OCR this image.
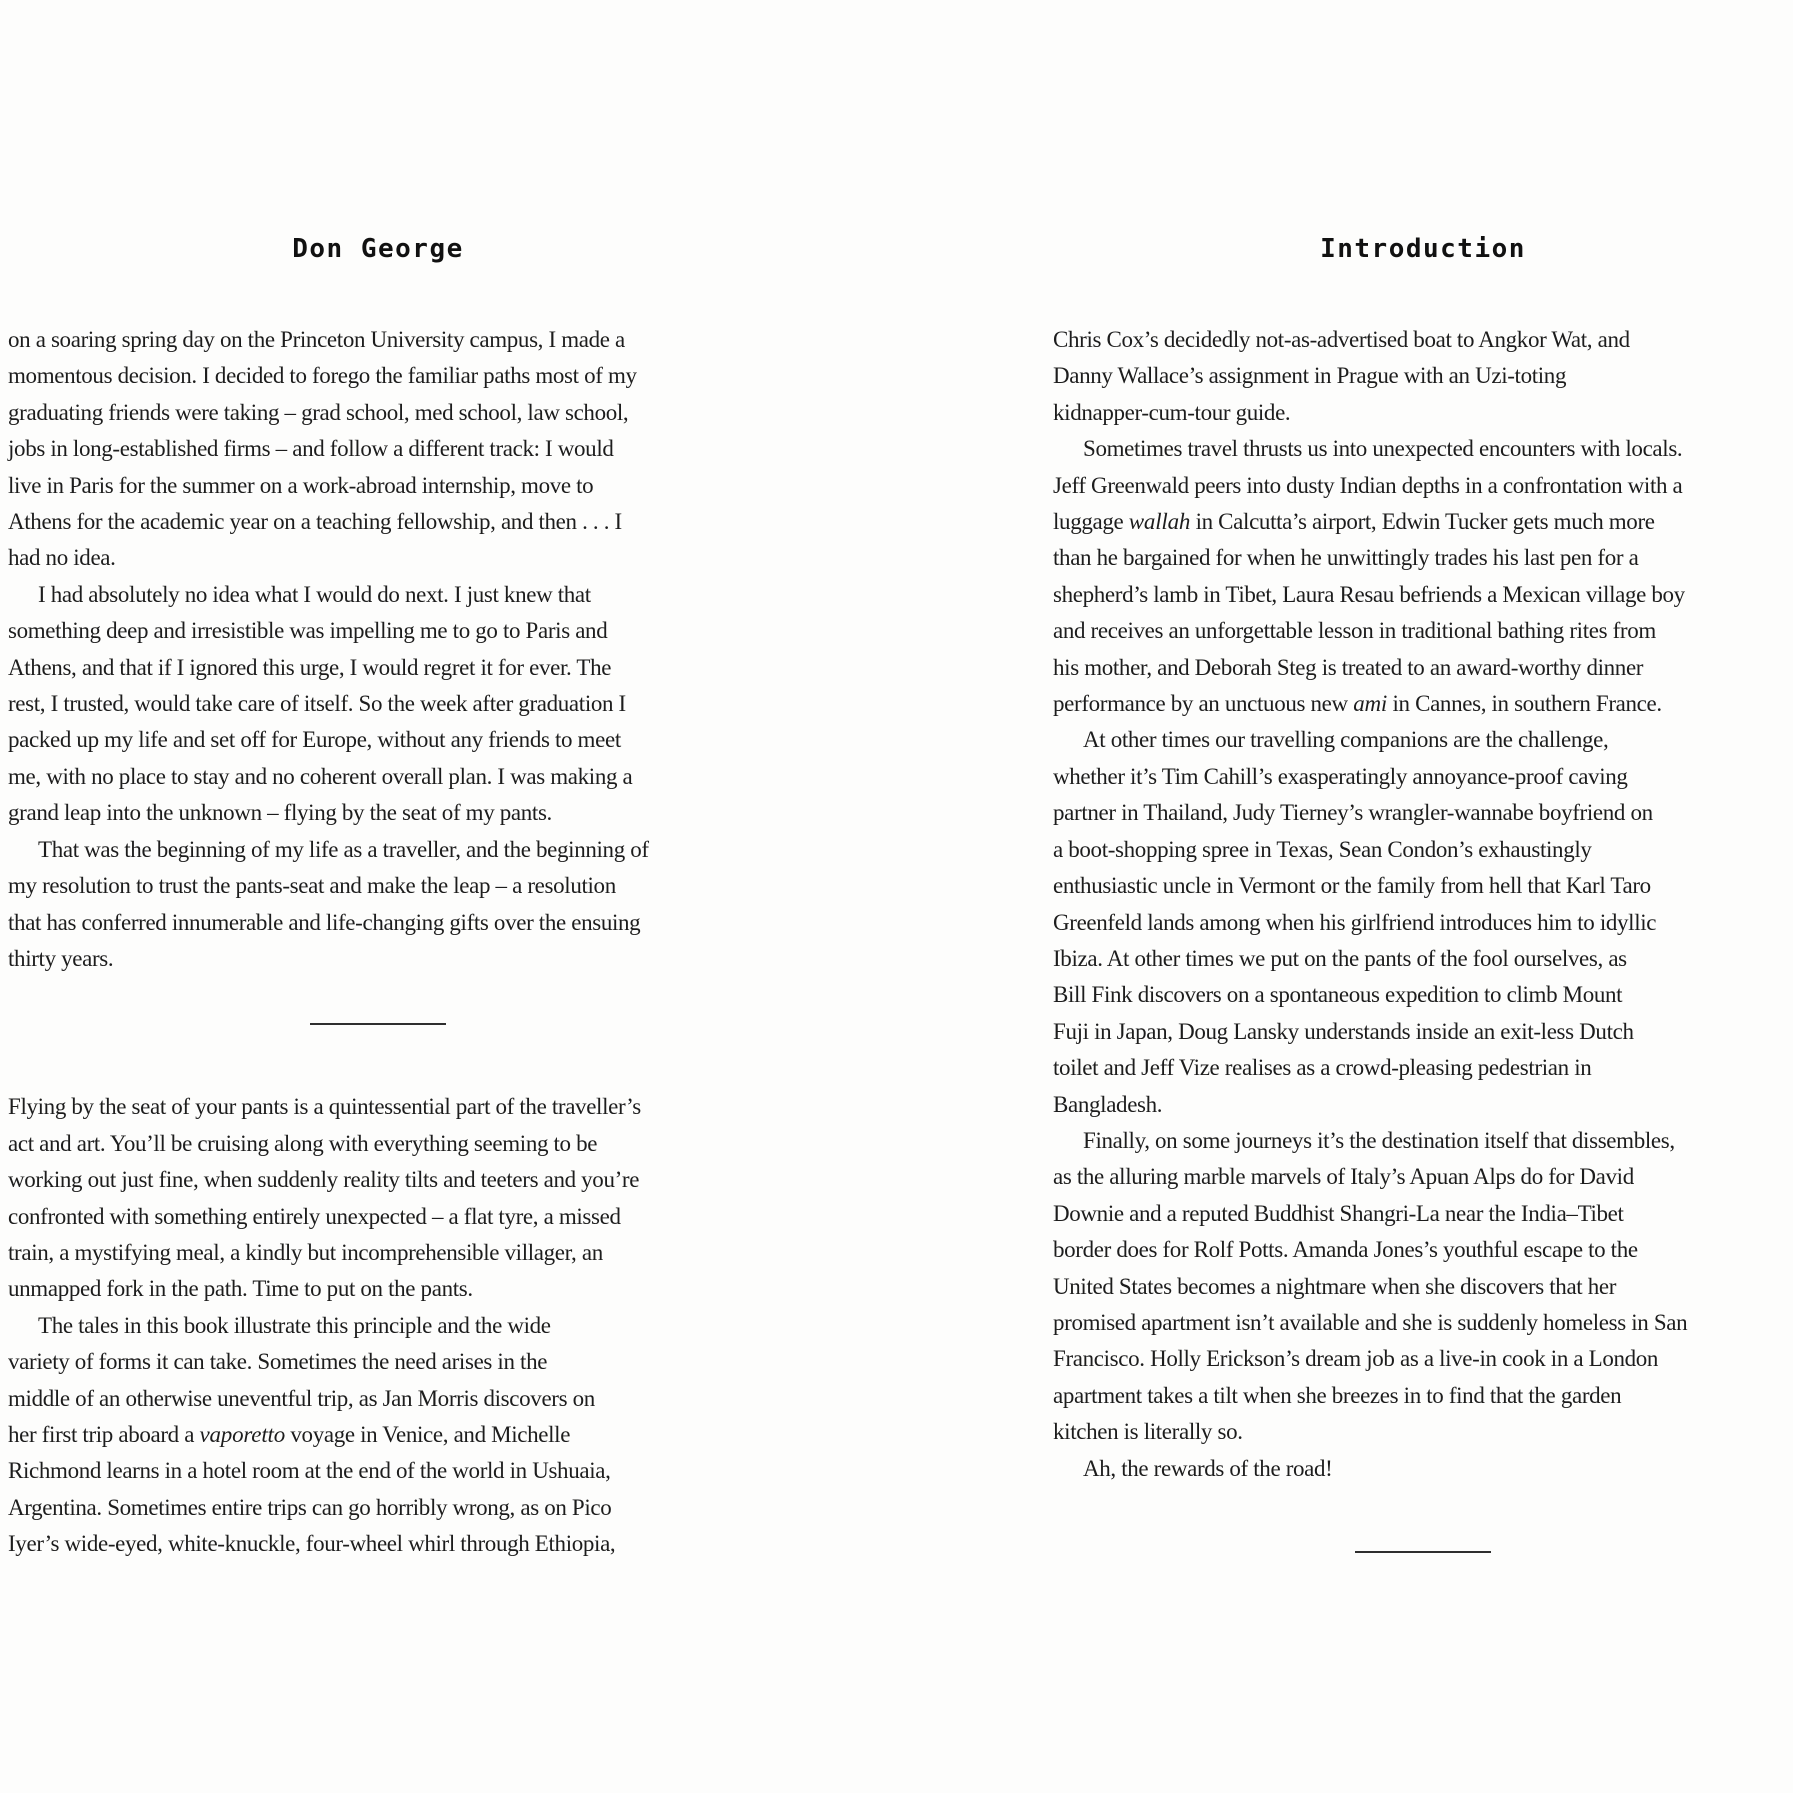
Don George	Introduction

on a soaring spring day on the Princeton University campus, I made a
momentous decision. I decided to forego the familiar paths most of my
graduating friends were taking – grad school, med school, law school,
jobs in long-established firms – and follow a different track: I would
live in Paris for the summer on a work-abroad internship, move to
Athens for the academic year on a teaching fellowship, and then . . . I
had no idea.

I had absolutely no idea what I would do next. I just knew that
something deep and irresistible was impelling me to go to Paris and
Athens, and that if I ignored this urge, I would regret it for ever. The
rest, I trusted, would take care of itself. So the week after graduation I
packed up my life and set off for Europe, without any friends to meet
me, with no place to stay and no coherent overall plan. I was making a
grand leap into the unknown – flying by the seat of my pants.

That was the beginning of my life as a traveller, and the beginning of
my resolution to trust the pants-seat and make the leap – a resolution
that has conferred innumerable and life-changing gifts over the ensuing
thirty years.

Flying by the seat of your pants is a quintessential part of the traveller’s
act and art. You’ll be cruising along with everything seeming to be
working out just fine, when suddenly reality tilts and teeters and you’re
confronted with something entirely unexpected – a flat tyre, a missed
train, a mystifying meal, a kindly but incomprehensible villager, an
unmapped fork in the path. Time to put on the pants.

The tales in this book illustrate this principle and the wide
variety of forms it can take. Sometimes the need arises in the
middle of an otherwise uneventful trip, as Jan Morris discovers on
her first trip aboard a vaporetto voyage in Venice, and Michelle
Richmond learns in a hotel room at the end of the world in Ushuaia,
Argentina. Sometimes entire trips can go horribly wrong, as on Pico
Iyer’s wide-eyed, white-knuckle, four-wheel whirl through Ethiopia,

Chris Cox’s decidedly not-as-advertised boat to Angkor Wat, and
Danny Wallace’s assignment in Prague with an Uzi-toting
kidnapper-cum-tour guide.

Sometimes travel thrusts us into unexpected encounters with locals.
Jeff Greenwald peers into dusty Indian depths in a confrontation with a
luggage wallah in Calcutta’s airport, Edwin Tucker gets much more
than he bargained for when he unwittingly trades his last pen for a
shepherd’s lamb in Tibet, Laura Resau befriends a Mexican village boy
and receives an unforgettable lesson in traditional bathing rites from
his mother, and Deborah Steg is treated to an award-worthy dinner
performance by an unctuous new ami in Cannes, in southern France.

At other times our travelling companions are the challenge,
whether it’s Tim Cahill’s exasperatingly annoyance-proof caving
partner in Thailand, Judy Tierney’s wrangler-wannabe boyfriend on
a boot-shopping spree in Texas, Sean Condon’s exhaustingly
enthusiastic uncle in Vermont or the family from hell that Karl Taro
Greenfeld lands among when his girlfriend introduces him to idyllic
Ibiza. At other times we put on the pants of the fool ourselves, as
Bill Fink discovers on a spontaneous expedition to climb Mount
Fuji in Japan, Doug Lansky understands inside an exit-less Dutch
toilet and Jeff Vize realises as a crowd-pleasing pedestrian in
Bangladesh.

Finally, on some journeys it’s the destination itself that dissembles,
as the alluring marble marvels of Italy’s Apuan Alps do for David
Downie and a reputed Buddhist Shangri-La near the India–Tibet
border does for Rolf Potts. Amanda Jones’s youthful escape to the
United States becomes a nightmare when she discovers that her
promised apartment isn’t available and she is suddenly homeless in San
Francisco. Holly Erickson’s dream job as a live-in cook in a London
apartment takes a tilt when she breezes in to find that the garden
kitchen is literally so.

Ah, the rewards of the road!
